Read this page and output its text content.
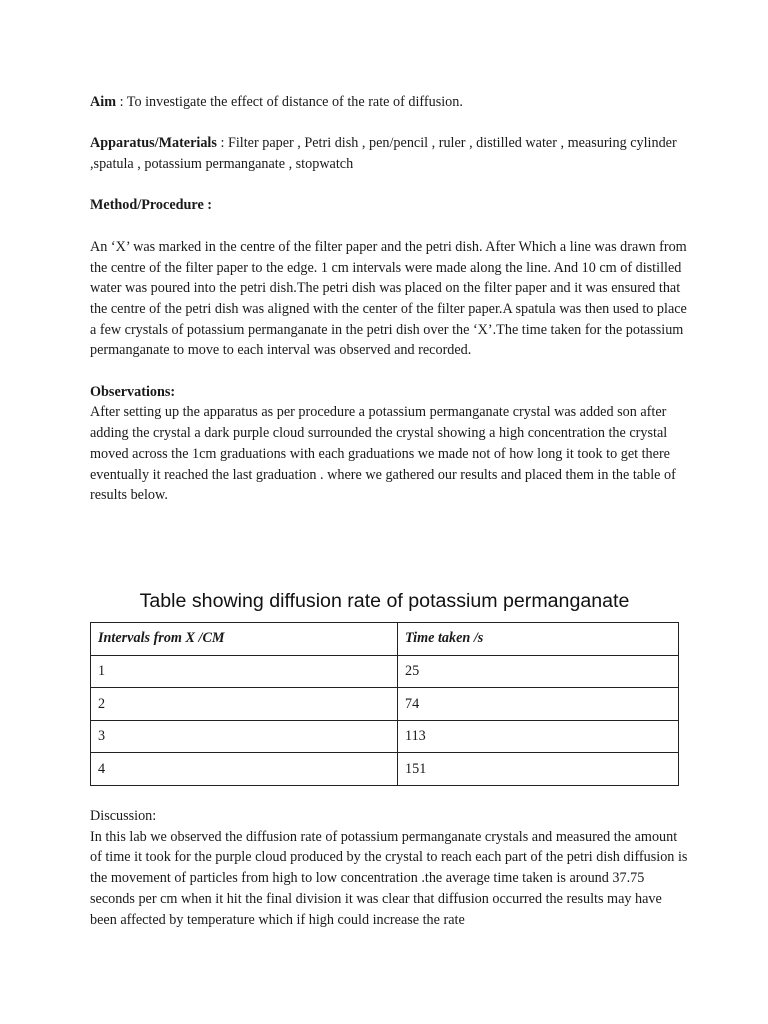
Aim : To investigate the effect of distance of the rate of diffusion.

Apparatus/Materials : Filter paper , Petri dish , pen/pencil , ruler , distilled water , measuring cylinder ,spatula , potassium permanganate , stopwatch

Method/Procedure :

An ‘X’ was marked in the centre of the filter paper and the petri dish. After Which a line was drawn from the centre of the filter paper to the edge. 1 cm intervals were made along the line. And 10 cm of distilled water was poured into the petri dish.The petri dish was placed on the filter paper and it was ensured that the centre of the petri dish was aligned with the center of the filter paper.A spatula was then used to place a few crystals of potassium permanganate in the petri dish over the ‘X’.The time taken for the potassium permanganate to move to each interval was observed and recorded.

Observations:

After setting up the apparatus as per procedure a potassium permanganate crystal was added son after adding the crystal a dark purple cloud surrounded the crystal showing a high concentration the crystal moved across the 1cm graduations with each graduations we made not of how long it took to get there eventually it reached the last graduation . where we gathered our results and placed them in the table of results below.

Table showing diffusion rate of potassium permanganate
Intervals from X /CM	Time taken /s
1	25
2	74
3	113
4	151

Discussion:

In this lab we observed the diffusion rate of potassium permanganate crystals and measured the amount of time it took for the purple cloud produced by the crystal to reach each part of the petri dish diffusion is the movement of particles from high to low concentration .the average time taken is around 37.75 seconds per cm when it hit the final division it was clear that diffusion occurred the results may have been affected by temperature which if high could increase the rate
